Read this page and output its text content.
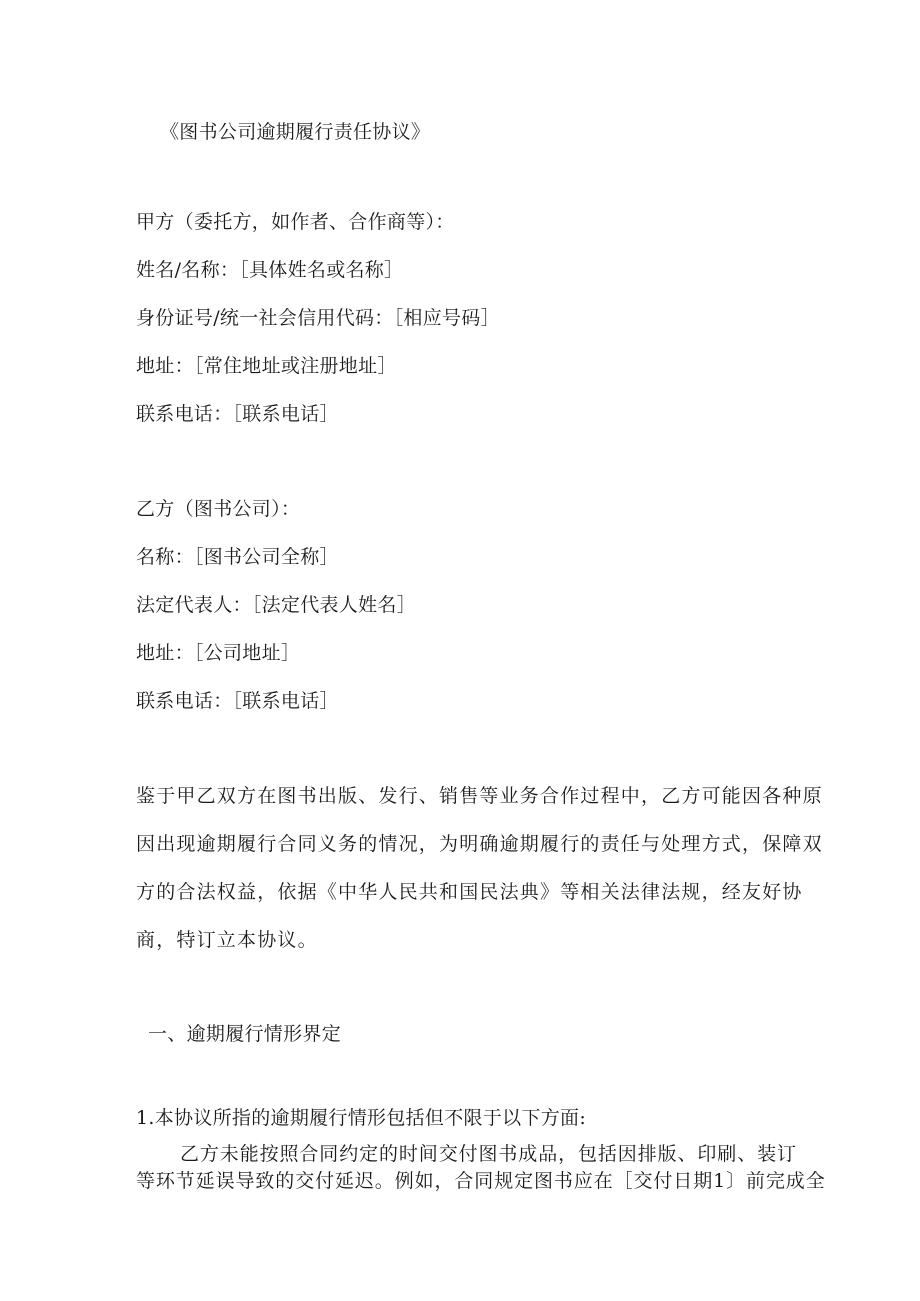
《图书公司逾期履行责任协议》
甲方（委托方，如作者、合作商等）：
姓名/名称：［具体姓名或名称］
身份证号/统一社会信用代码：［相应号码］
地址：［常住地址或注册地址］
联系电话：［联系电话］
乙方（图书公司）：
名称：［图书公司全称］
法定代表人：［法定代表人姓名］
地址：［公司地址］
联系电话：［联系电话］
鉴于甲乙双方在图书出版、发行、销售等业务合作过程中，乙方可能因各种原
因出现逾期履行合同义务的情况，为明确逾期履行的责任与处理方式，保障双
方的合法权益，依据《中华人民共和国民法典》等相关法律法规，经友好协
商，特订立本协议。
一、逾期履行情形界定
1.本协议所指的逾期履行情形包括但不限于以下方面:
乙方未能按照合同约定的时间交付图书成品，包括因排版、印刷、装订
等环节延误导致的交付延迟。例如，合同规定图书应在［交付日期1〕前完成全
